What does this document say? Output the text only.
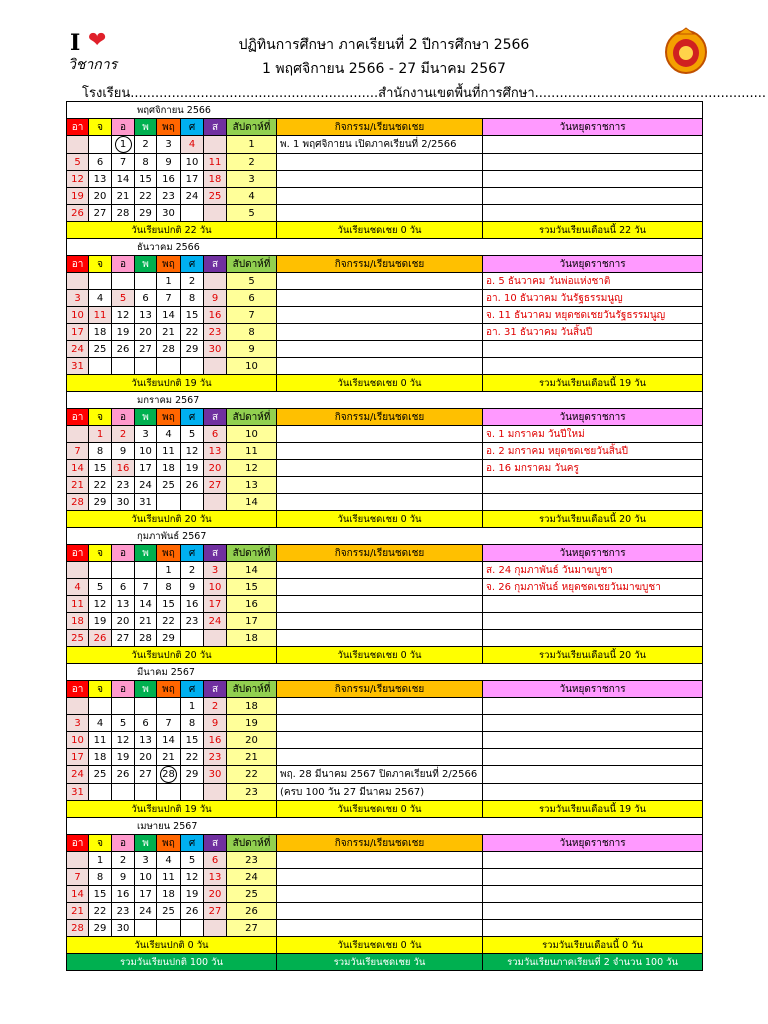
I ❤
วิชาการ
ปฏิทินการศึกษา ภาคเรียนที่ 2 ปีการศึกษา 2566
1 พฤศจิกายน 2566 - 27 มีนาคม 2567
โรงเรียน............................................................สำนักงานเขตพื้นที่การศึกษา........................................................
พฤศจิกายน 2566									
อา	จ	อ	พ	พฤ	ศ	ส	สัปดาห์ที่	กิจกรรม/เรียนชดเชย	วันหยุดราชการ
		1	2	3	4		1	พ. 1 พฤศจิกายน เปิดภาคเรียนที่ 2/2566	
5	6	7	8	9	10	11	2		
12	13	14	15	16	17	18	3		
19	20	21	22	23	24	25	4		
26	27	28	29	30			5		
วันเรียนปกติ 22 วัน								วันเรียนชดเชย 0 วัน	รวมวันเรียนเดือนนี้ 22 วัน
ธันวาคม 2566									
อา	จ	อ	พ	พฤ	ศ	ส	สัปดาห์ที่	กิจกรรม/เรียนชดเชย	วันหยุดราชการ
				1	2		5		อ. 5 ธันวาคม วันพ่อแห่งชาติ
3	4	5	6	7	8	9	6		อา. 10 ธันวาคม วันรัฐธรรมนูญ
10	11	12	13	14	15	16	7		จ. 11 ธันวาคม หยุดชดเชยวันรัฐธรรมนูญ
17	18	19	20	21	22	23	8		อา. 31 ธันวาคม วันสิ้นปี
24	25	26	27	28	29	30	9		
31							10		
วันเรียนปกติ 19 วัน								วันเรียนชดเชย 0 วัน	รวมวันเรียนเดือนนี้ 19 วัน
มกราคม 2567									
อา	จ	อ	พ	พฤ	ศ	ส	สัปดาห์ที่	กิจกรรม/เรียนชดเชย	วันหยุดราชการ
	1	2	3	4	5	6	10		จ. 1 มกราคม วันปีใหม่
7	8	9	10	11	12	13	11		อ. 2 มกราคม หยุดชดเชยวันสิ้นปี
14	15	16	17	18	19	20	12		อ. 16 มกราคม วันครู
21	22	23	24	25	26	27	13		
28	29	30	31				14		
วันเรียนปกติ 20 วัน								วันเรียนชดเชย 0 วัน	รวมวันเรียนเดือนนี้ 20 วัน
กุมภาพันธ์ 2567									
อา	จ	อ	พ	พฤ	ศ	ส	สัปดาห์ที่	กิจกรรม/เรียนชดเชย	วันหยุดราชการ
				1	2	3	14		ส. 24 กุมภาพันธ์ วันมาฆบูชา
4	5	6	7	8	9	10	15		จ. 26 กุมภาพันธ์ หยุดชดเชยวันมาฆบูชา
11	12	13	14	15	16	17	16		
18	19	20	21	22	23	24	17		
25	26	27	28	29			18		
วันเรียนปกติ 20 วัน								วันเรียนชดเชย 0 วัน	รวมวันเรียนเดือนนี้ 20 วัน
มีนาคม 2567									
อา	จ	อ	พ	พฤ	ศ	ส	สัปดาห์ที่	กิจกรรม/เรียนชดเชย	วันหยุดราชการ
					1	2	18		
3	4	5	6	7	8	9	19		
10	11	12	13	14	15	16	20		
17	18	19	20	21	22	23	21		
24	25	26	27	28	29	30	22	พฤ. 28 มีนาคม 2567 ปิดภาคเรียนที่ 2/2566	
31							23	(ครบ 100 วัน 27 มีนาคม 2567)	
วันเรียนปกติ 19 วัน								วันเรียนชดเชย 0 วัน	รวมวันเรียนเดือนนี้ 19 วัน
เมษายน 2567									
อา	จ	อ	พ	พฤ	ศ	ส	สัปดาห์ที่	กิจกรรม/เรียนชดเชย	วันหยุดราชการ
	1	2	3	4	5	6	23		
7	8	9	10	11	12	13	24		
14	15	16	17	18	19	20	25		
21	22	23	24	25	26	27	26		
28	29	30					27		
วันเรียนปกติ 0 วัน								วันเรียนชดเชย 0 วัน	รวมวันเรียนเดือนนี้ 0 วัน
รวมวันเรียนปกติ 100 วัน								รวมวันเรียนชดเชย วัน	รวมวันเรียนภาคเรียนที่ 2 จำนวน 100 วัน
